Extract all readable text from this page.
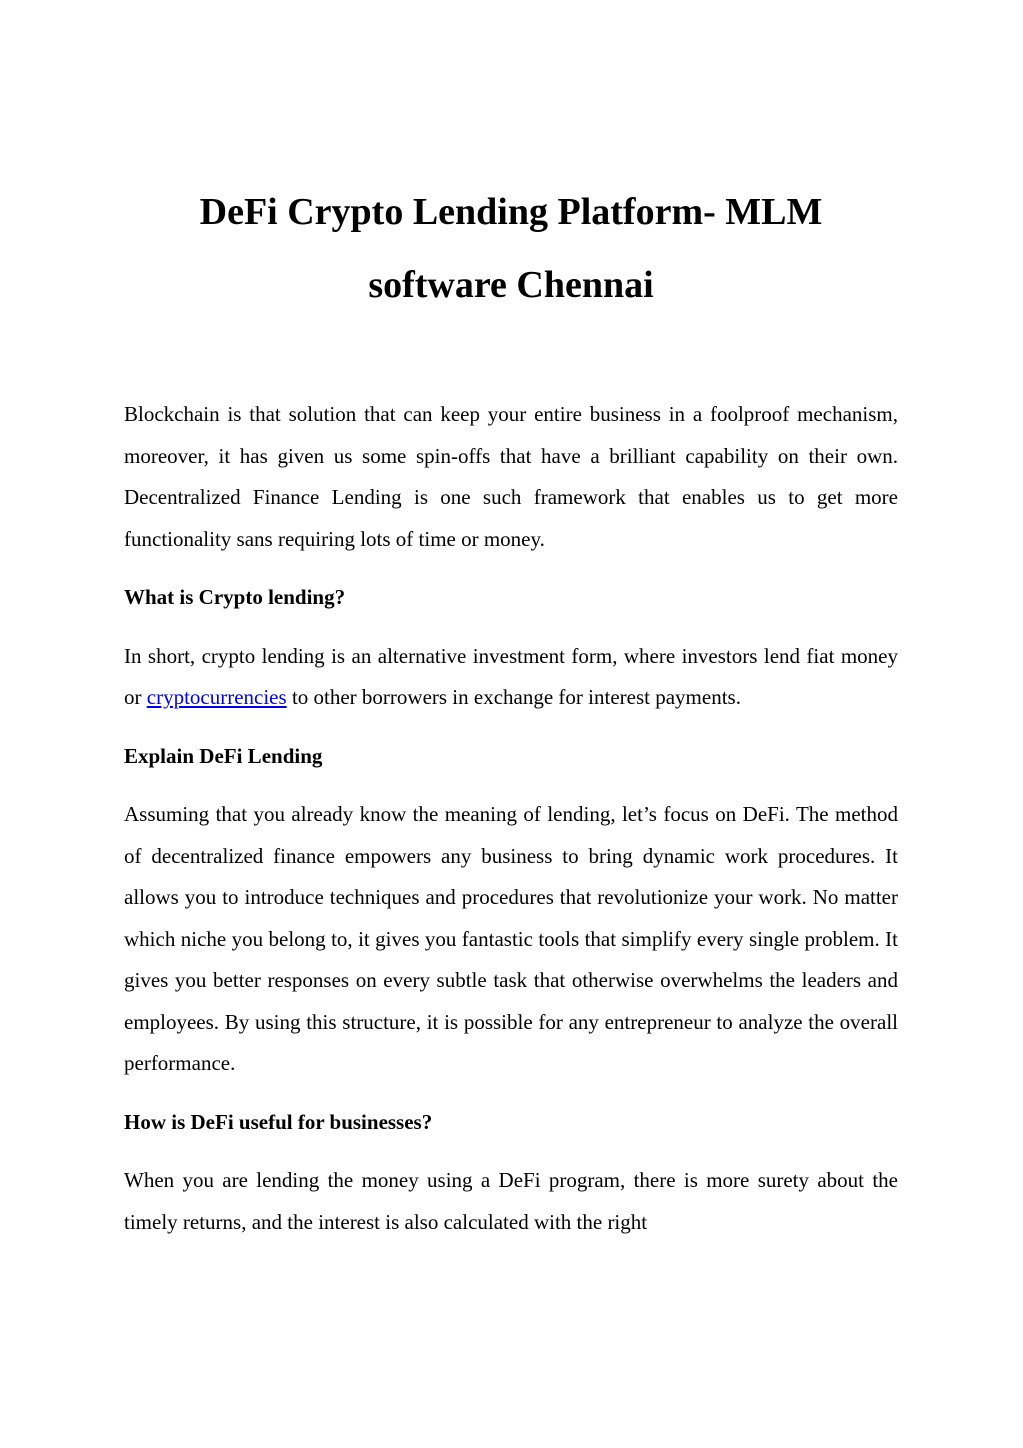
DeFi Crypto Lending Platform- MLM
software Chennai

Blockchain is that solution that can keep your entire business in a foolproof mechanism, moreover, it has given us some spin-offs that have a brilliant capability on their own. Decentralized Finance Lending is one such framework that enables us to get more functionality sans requiring lots of time or money.

What is Crypto lending?

In short, crypto lending is an alternative investment form, where investors lend fiat money or cryptocurrencies to other borrowers in exchange for interest payments.

Explain DeFi Lending

Assuming that you already know the meaning of lending, let’s focus on DeFi. The method of decentralized finance empowers any business to bring dynamic work procedures. It allows you to introduce techniques and procedures that revolutionize your work. No matter which niche you belong to, it gives you fantastic tools that simplify every single problem. It gives you better responses on every subtle task that otherwise overwhelms the leaders and employees. By using this structure, it is possible for any entrepreneur to analyze the overall performance.

How is DeFi useful for businesses?

When you are lending the money using a DeFi program, there is more surety about the timely returns, and the interest is also calculated with the right
